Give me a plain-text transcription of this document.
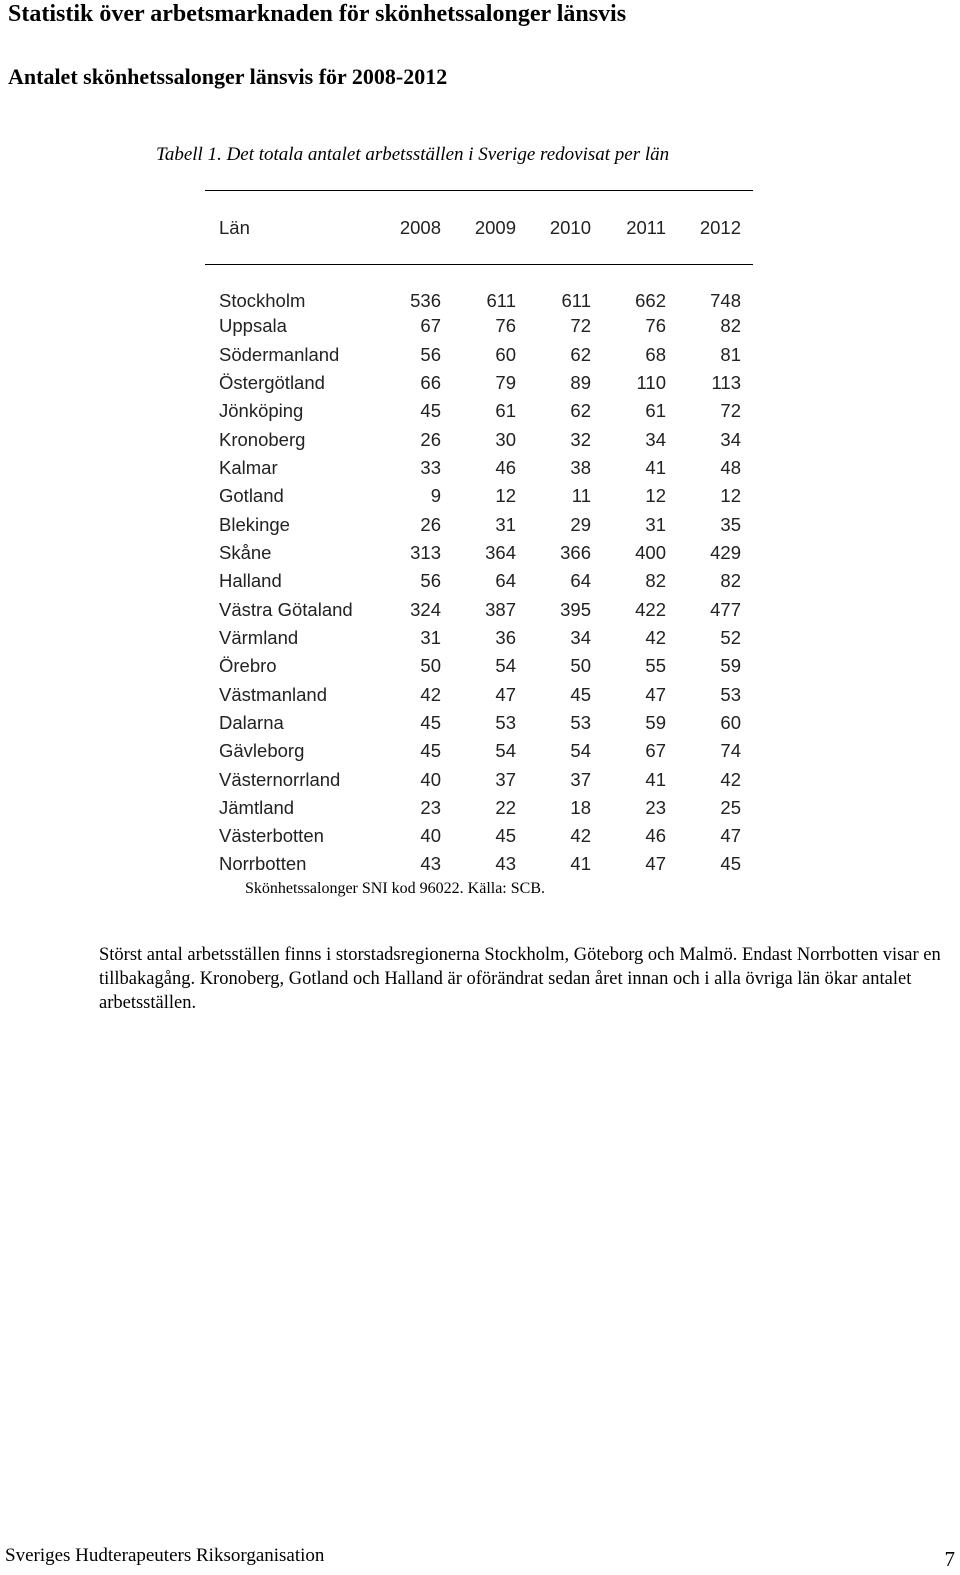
Statistik över arbetsmarknaden för skönhetssalonger länsvis
Antalet skönhetssalonger länsvis för 2008-2012
Tabell 1. Det totala antalet arbetsställen i Sverige redovisat per län
Län	2008	2009	2010	2011	2012
Stockholm	536	611	611	662	748
Uppsala	67	76	72	76	82
Södermanland	56	60	62	68	81
Östergötland	66	79	89	110	113
Jönköping	45	61	62	61	72
Kronoberg	26	30	32	34	34
Kalmar	33	46	38	41	48
Gotland	9	12	11	12	12
Blekinge	26	31	29	31	35
Skåne	313	364	366	400	429
Halland	56	64	64	82	82
Västra Götaland	324	387	395	422	477
Värmland	31	36	34	42	52
Örebro	50	54	50	55	59
Västmanland	42	47	45	47	53
Dalarna	45	53	53	59	60
Gävleborg	45	54	54	67	74
Västernorrland	40	37	37	41	42
Jämtland	23	22	18	23	25
Västerbotten	40	45	42	46	47
Norrbotten	43	43	41	47	45
Skönhetssalonger SNI kod 96022. Källa: SCB.
Störst antal arbetsställen finns i storstadsregionerna Stockholm, Göteborg och Malmö. Endast Norrbotten visar en tillbakagång. Kronoberg, Gotland och Halland är oförändrat sedan året innan och i alla övriga län ökar antalet arbetsställen.
Sveriges Hudterapeuters Riksorganisation	7
